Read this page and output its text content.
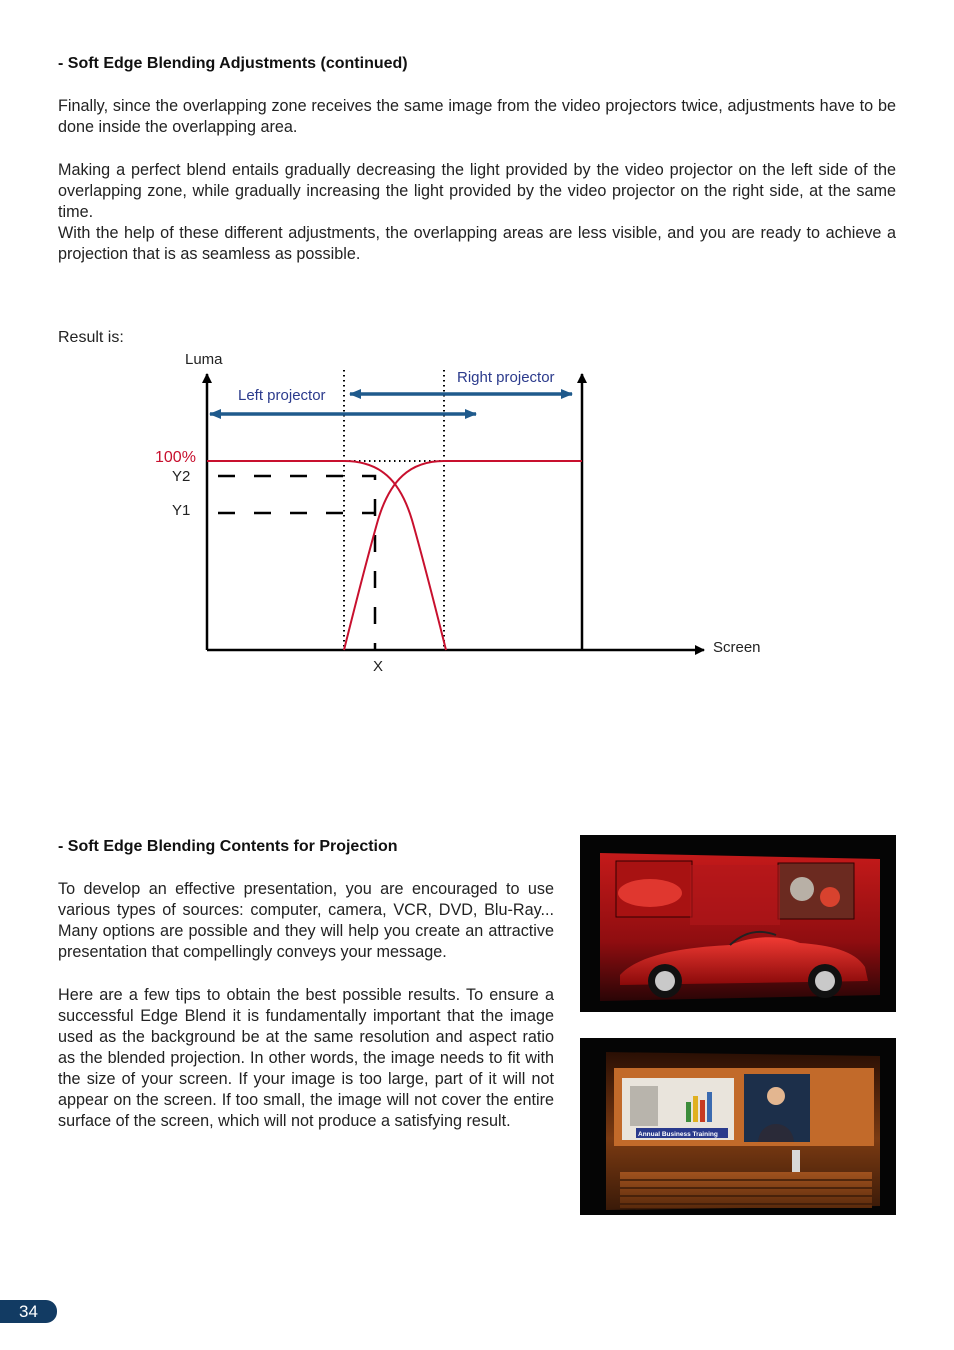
- Soft Edge Blending Adjustments (continued)

Finally, since the overlapping zone receives the same image from the video projectors twice, adjustments have to be done inside the overlapping area.

Making a perfect blend entails gradually decreasing the light provided by the video projector on the left side of the overlapping zone, while gradually increasing the light provided by the video projector on the right side, at the same time.

With the help of these different adjustments, the overlapping areas are less visible, and you are ready to achieve a projection that is as seamless as possible.

Result is:
Luma
Screen
Left projector
Right projector
100%
Y2
Y1
X
- Soft Edge Blending Contents for Projection

To develop an effective presentation, you are encouraged to use various types of sources: computer, camera, VCR, DVD, Blu-Ray... Many options are possible and they will help you create an attractive presentation that compellingly conveys your message.

Here are a few tips to obtain the best possible results. To ensure a successful Edge Blend it is fundamentally important that the image used as the background be at the same resolution and aspect ratio as the blended projection. In other words, the image needs to fit with the size of your screen. If your image is too large, part of it will not appear on the screen. If too small, the image will not cover the entire surface of the screen, which will not produce a satisfying result.

Annual Business Training
34
